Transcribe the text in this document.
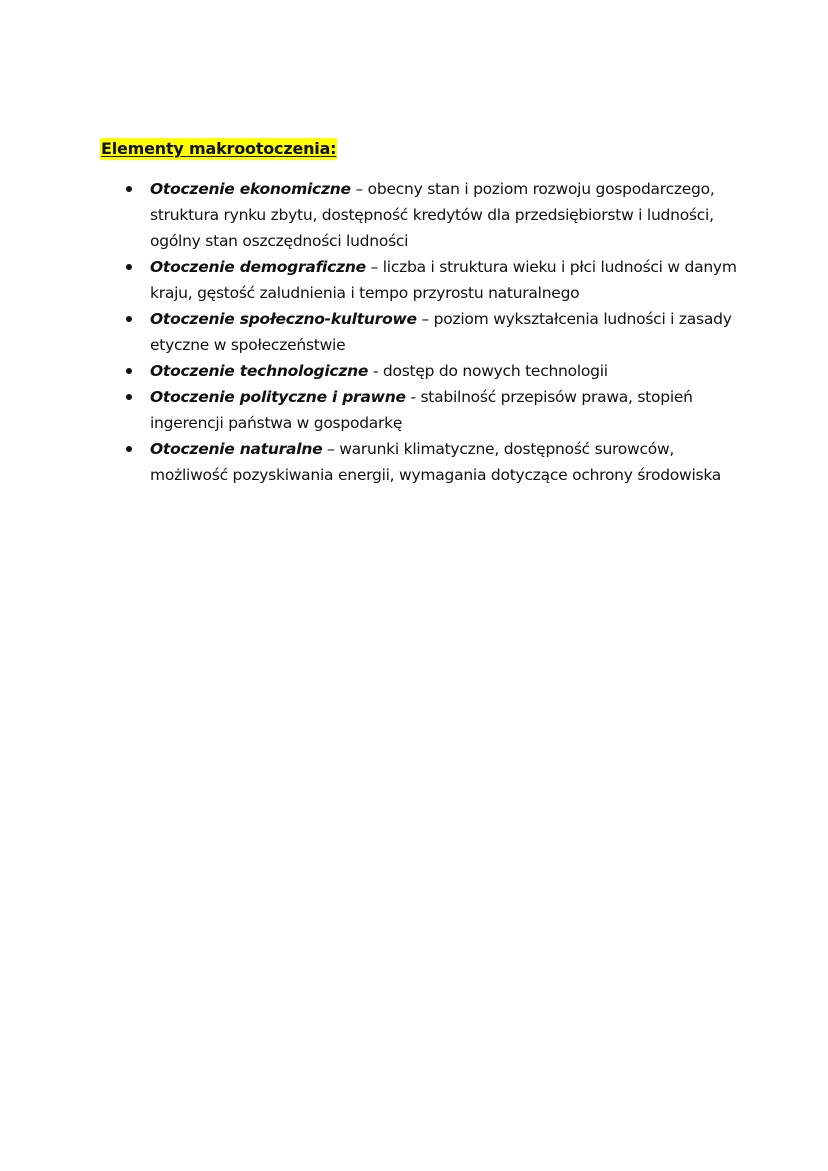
Elementy makrootoczenia:
Otoczenie ekonomiczne – obecny stan i poziom rozwoju gospodarczego, struktura rynku zbytu, dostępność kredytów dla przedsiębiorstw i ludności, ogólny stan oszczędności ludności
Otoczenie demograficzne – liczba i struktura wieku i płci ludności w danym kraju, gęstość zaludnienia i tempo przyrostu naturalnego
Otoczenie społeczno-kulturowe – poziom wykształcenia ludności i zasady etyczne w społeczeństwie
Otoczenie technologiczne - dostęp do nowych technologii
Otoczenie polityczne i prawne - stabilność przepisów prawa, stopień ingerencji państwa w gospodarkę
Otoczenie naturalne – warunki klimatyczne, dostępność surowców, możliwość pozyskiwania energii, wymagania dotyczące ochrony środowiska
